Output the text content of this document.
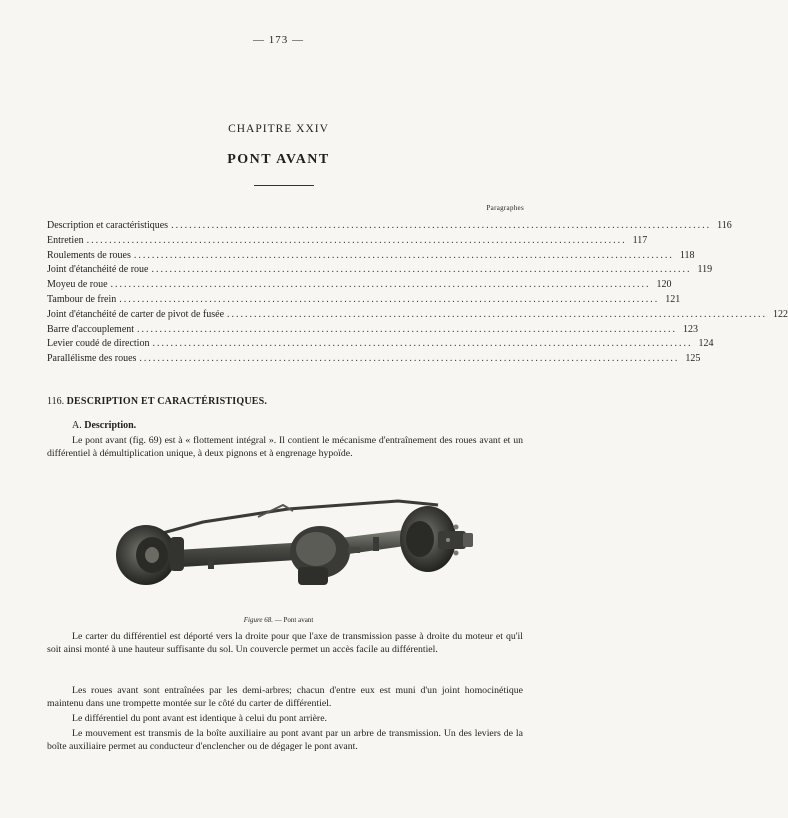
— 173 —
CHAPITRE XXIV
PONT AVANT
Paragraphes
Description et caractéristiques ........................................................................................................................ 116
Entretien ........................................................................................................................ 117
Roulements de roues ........................................................................................................................ 118
Joint d'étanchéité de roue ........................................................................................................................ 119
Moyeu de roue ........................................................................................................................ 120
Tambour de frein ........................................................................................................................ 121
Joint d'étanchéité de carter de pivot de fusée ........................................................................................................................ 122
Barre d'accouplement ........................................................................................................................ 123
Levier coudé de direction ........................................................................................................................ 124
Parallélisme des roues ........................................................................................................................ 125
116. DESCRIPTION ET CARACTÉRISTIQUES.
A. Description.
Le pont avant (fig. 69) est à « flottement intégral ». Il contient le mécanisme d'entraînement des roues avant et un différentiel à démultiplication unique, à deux pignons et à engrenage hypoïde.
Figure 68. — Pont avant
Le carter du différentiel est déporté vers la droite pour que l'axe de transmission passe à droite du moteur et qu'il soit ainsi monté à une hauteur suffisante du sol. Un couvercle permet un accès facile au différentiel.
Les roues avant sont entraînées par les demi-arbres; chacun d'entre eux est muni d'un joint homocinétique maintenu dans une trompette montée sur le côté du carter de différentiel.
Le différentiel du pont avant est identique à celui du pont arrière.
Le mouvement est transmis de la boîte auxiliaire au pont avant par un arbre de transmission. Un des leviers de la boîte auxiliaire permet au conducteur d'enclencher ou de dégager le pont avant.
